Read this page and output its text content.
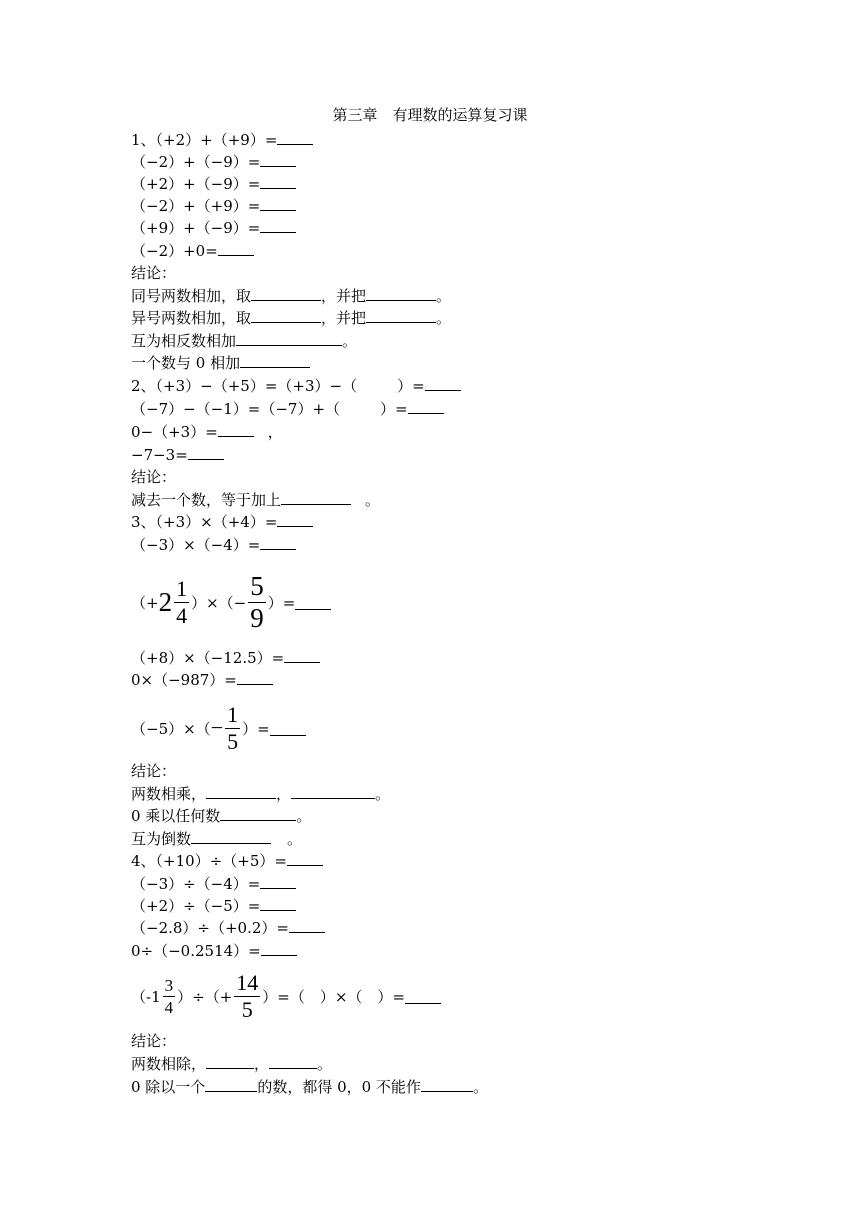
第三章　有理数的运算复习课
1、（+2）+（+9）=
（−2）+（−9）=
（+2）+（−9）=
（−2）+（+9）=
（+9）+（−9）=
（−2）+0=
结论：
同号两数相加，取	，并把	。
异号两数相加，取	，并把	。
互为相反数相加	。
一个数与 0 相加
2、（+3）−（+5）=（+3）−（	）=
（−7）−（−1）=（−7）+（	）=
0−（+3）=	，
−7−3=
结论：
减去一个数，等于加上	。
3、（+3）×（+4）=
（−3）×（−4）=
（+ $2 \frac{1}{4}$ ）×（− $\frac{5}{9}$ ）=
（+8）×（−12.5）=
0×（−987）=
$(-5)\times( - \frac{1}{5}$ ）=
结论：
两数相乘，	，	。
0 乘以任何数	。
互为倒数	。
4、（+10）÷（+5）=
（−3）÷（−4）=
（+2）÷（−5）=
（−2.8）÷（+0.2）=
0÷（−0.2514）=
（$-1 \frac{3}{4}$ ）÷（+ $\frac{14}{5}$ ）=（　）×（　）=
结论：
两数相除，	，	。
0 除以一个	的数，都得 0，0 不能作	。
